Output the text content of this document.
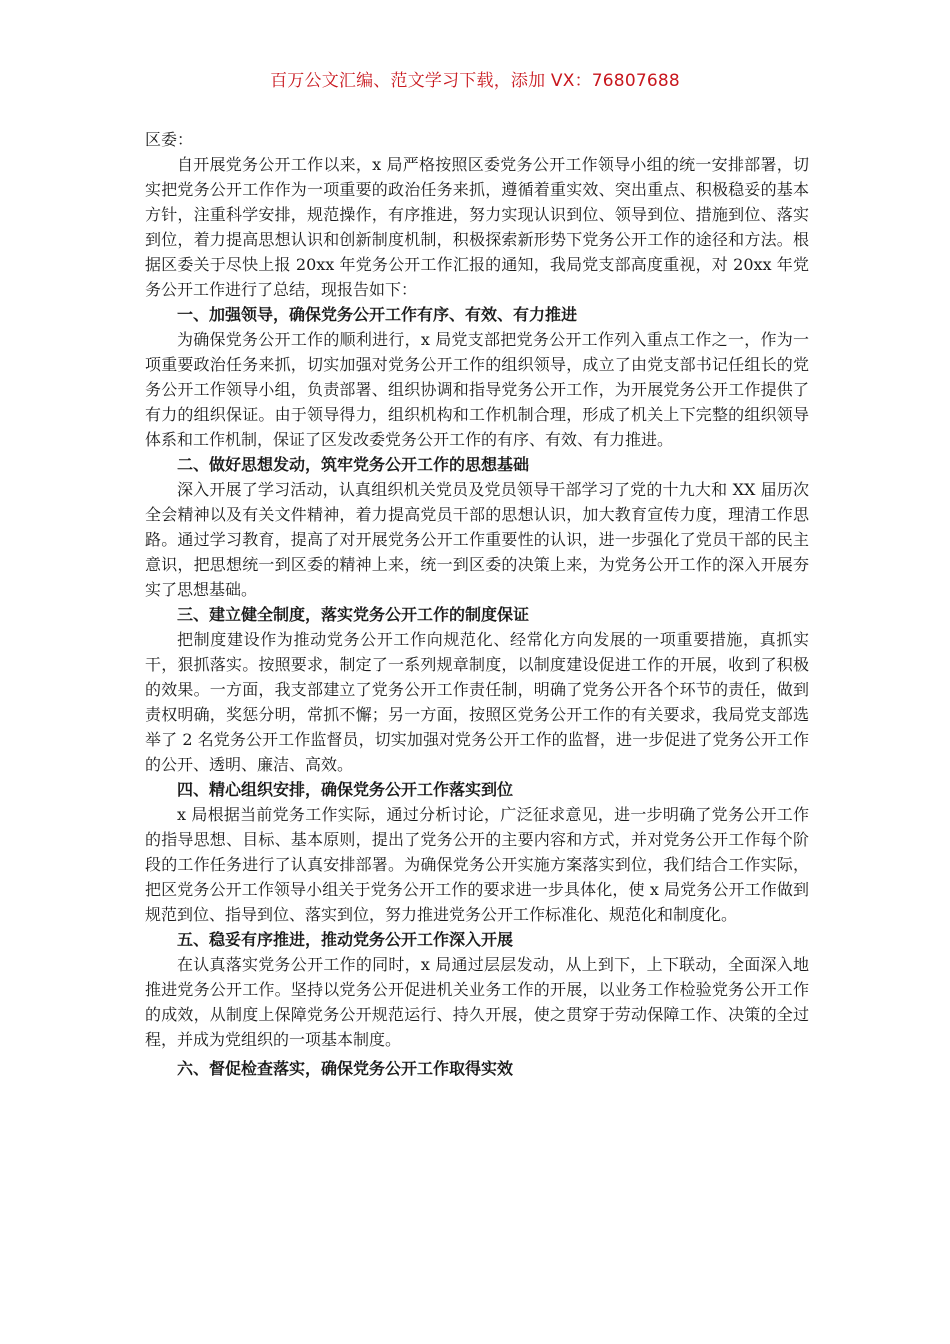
百万公文汇编、范文学习下载，添加 VX：76807688

区委：

自开展党务公开工作以来，x 局严格按照区委党务公开工作领导小组的统一安排部署，切实把党务公开工作作为一项重要的政治任务来抓，遵循着重实效、突出重点、积极稳妥的基本方针，注重科学安排，规范操作，有序推进，努力实现认识到位、领导到位、措施到位、落实到位，着力提高思想认识和创新制度机制，积极探索新形势下党务公开工作的途径和方法。根据区委关于尽快上报 20xx 年党务公开工作汇报的通知，我局党支部高度重视，对 20xx 年党务公开工作进行了总结，现报告如下：

一、加强领导，确保党务公开工作有序、有效、有力推进

为确保党务公开工作的顺利进行，x 局党支部把党务公开工作列入重点工作之一，作为一项重要政治任务来抓，切实加强对党务公开工作的组织领导，成立了由党支部书记任组长的党务公开工作领导小组，负责部署、组织协调和指导党务公开工作，为开展党务公开工作提供了有力的组织保证。由于领导得力，组织机构和工作机制合理，形成了机关上下完整的组织领导体系和工作机制，保证了区发改委党务公开工作的有序、有效、有力推进。

二、做好思想发动，筑牢党务公开工作的思想基础

深入开展了学习活动，认真组织机关党员及党员领导干部学习了党的十九大和 XX 届历次全会精神以及有关文件精神，着力提高党员干部的思想认识，加大教育宣传力度，理清工作思路。通过学习教育，提高了对开展党务公开工作重要性的认识，进一步强化了党员干部的民主意识，把思想统一到区委的精神上来，统一到区委的决策上来，为党务公开工作的深入开展夯实了思想基础。

三、建立健全制度，落实党务公开工作的制度保证

把制度建设作为推动党务公开工作向规范化、经常化方向发展的一项重要措施，真抓实干，狠抓落实。按照要求，制定了一系列规章制度，以制度建设促进工作的开展，收到了积极的效果。一方面，我支部建立了党务公开工作责任制，明确了党务公开各个环节的责任，做到责权明确，奖惩分明，常抓不懈；另一方面，按照区党务公开工作的有关要求，我局党支部选举了 2 名党务公开工作监督员，切实加强对党务公开工作的监督，进一步促进了党务公开工作的公开、透明、廉洁、高效。

四、精心组织安排，确保党务公开工作落实到位

x 局根据当前党务工作实际，通过分析讨论，广泛征求意见，进一步明确了党务公开工作的指导思想、目标、基本原则，提出了党务公开的主要内容和方式，并对党务公开工作每个阶段的工作任务进行了认真安排部署。为确保党务公开实施方案落实到位，我们结合工作实际，把区党务公开工作领导小组关于党务公开工作的要求进一步具体化，使 x 局党务公开工作做到规范到位、指导到位、落实到位，努力推进党务公开工作标准化、规范化和制度化。

五、稳妥有序推进，推动党务公开工作深入开展

在认真落实党务公开工作的同时，x 局通过层层发动，从上到下，上下联动，全面深入地推进党务公开工作。坚持以党务公开促进机关业务工作的开展，以业务工作检验党务公开工作的成效，从制度上保障党务公开规范运行、持久开展，使之贯穿于劳动保障工作、决策的全过程，并成为党组织的一项基本制度。

六、督促检查落实，确保党务公开工作取得实效
